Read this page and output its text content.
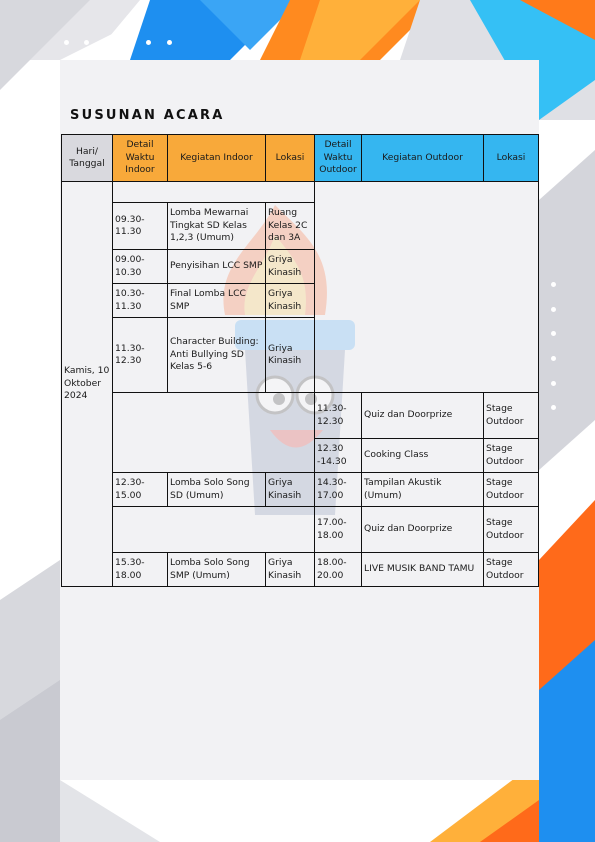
SUSUNAN ACARA
Hari/ Tanggal	Detail Waktu Indoor	Kegiatan Indoor	Lokasi	Detail Waktu Outdoor	Kegiatan Outdoor	Lokasi
Kamis, 10 Oktober 2024						
	09.30-11.30	Lomba Mewarnai Tingkat SD Kelas 1,2,3 (Umum)	Ruang Kelas 2C dan 3A			
	09.00-10.30	Penyisihan LCC SMP	Griya Kinasih			
	10.30-11.30	Final Lomba LCC SMP	Griya Kinasih			
	11.30-12.30	Character Building: Anti Bullying SD Kelas 5-6	Griya Kinasih			
				11.30-12.30	Quiz dan Doorprize	Stage Outdoor
				12.30 -14.30	Cooking Class	Stage Outdoor
	12.30-15.00	Lomba Solo Song SD (Umum)	Griya Kinasih	14.30-17.00	Tampilan Akustik (Umum)	Stage Outdoor
				17.00-18.00	Quiz dan Doorprize	Stage Outdoor
	15.30-18.00	Lomba Solo Song SMP (Umum)	Griya Kinasih	18.00-20.00	LIVE MUSIK BAND TAMU	Stage Outdoor
